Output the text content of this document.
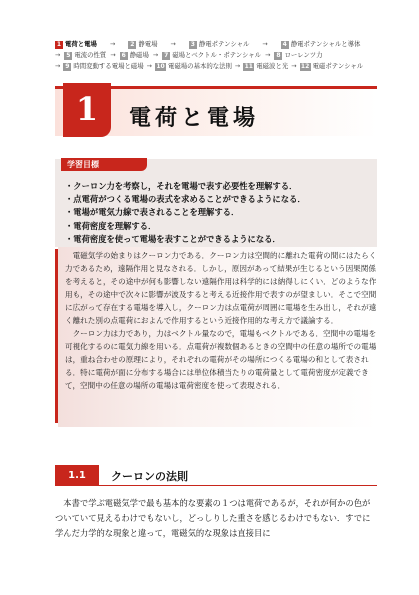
1 電荷と電場 →	2 静電場 →	3 静電ポテンシャル →	4 静電ポテンシャルと導体
→ 5 電流の性質 → 6 静磁場 → 7 磁場とベクトル・ポテンシャル → 8 ローレンツ力
→ 9 時間変動する電場と磁場 → 10 電磁場の基本的な法則 → 11 電磁波と光 → 12 電磁ポテンシャル
1	電荷と電場
学習目標
・クーロン力を考察し，それを電場で表す必要性を理解する．
・点電荷がつくる電場の表式を求めることができるようになる．
・電場が電気力線で表されることを理解する．
・電荷密度を理解する．
・電荷密度を使って電場を表すことができるようになる．

電磁気学の始まりはクーロン力である．クーロン力は空間的に離れた電荷の間にはたらく力であるため，遠隔作用と見なされる．しかし，原因があって結果が生じるという因果関係を考えると，その途中が何も影響しない遠隔作用は科学的には納得しにくい．どのような作用も，その途中で次々に影響が波及すると考える近接作用で表すのが望ましい．そこで空間に広がって存在する電場を導入し，クーロン力は点電荷が周囲に電場を生み出し，それが遠く離れた別の点電荷におよんで作用するという近接作用的な考え方で議論する．

クーロン力は力であり，力はベクトル量なので，電場もベクトルである．空間中の電場を可視化するのに電気力線を用いる．点電荷が複数個あるときの空間中の任意の場所での電場は，重ね合わせの原理により，それぞれの電荷がその場所につくる電場の和として表される．特に電荷が面に分布する場合には単位体積当たりの電荷量として電荷密度が定義できて，空間中の任意の場所の電場は電荷密度を使って表現される．

1.1	クーロンの法則

本書で学ぶ電磁気学で最も基本的な要素の１つは電荷であるが，それが何かの色がついていて見えるわけでもないし，どっしりした重さを感じるわけでもない．すでに学んだ力学的な現象と違って，電磁気的な現象は直接目に
